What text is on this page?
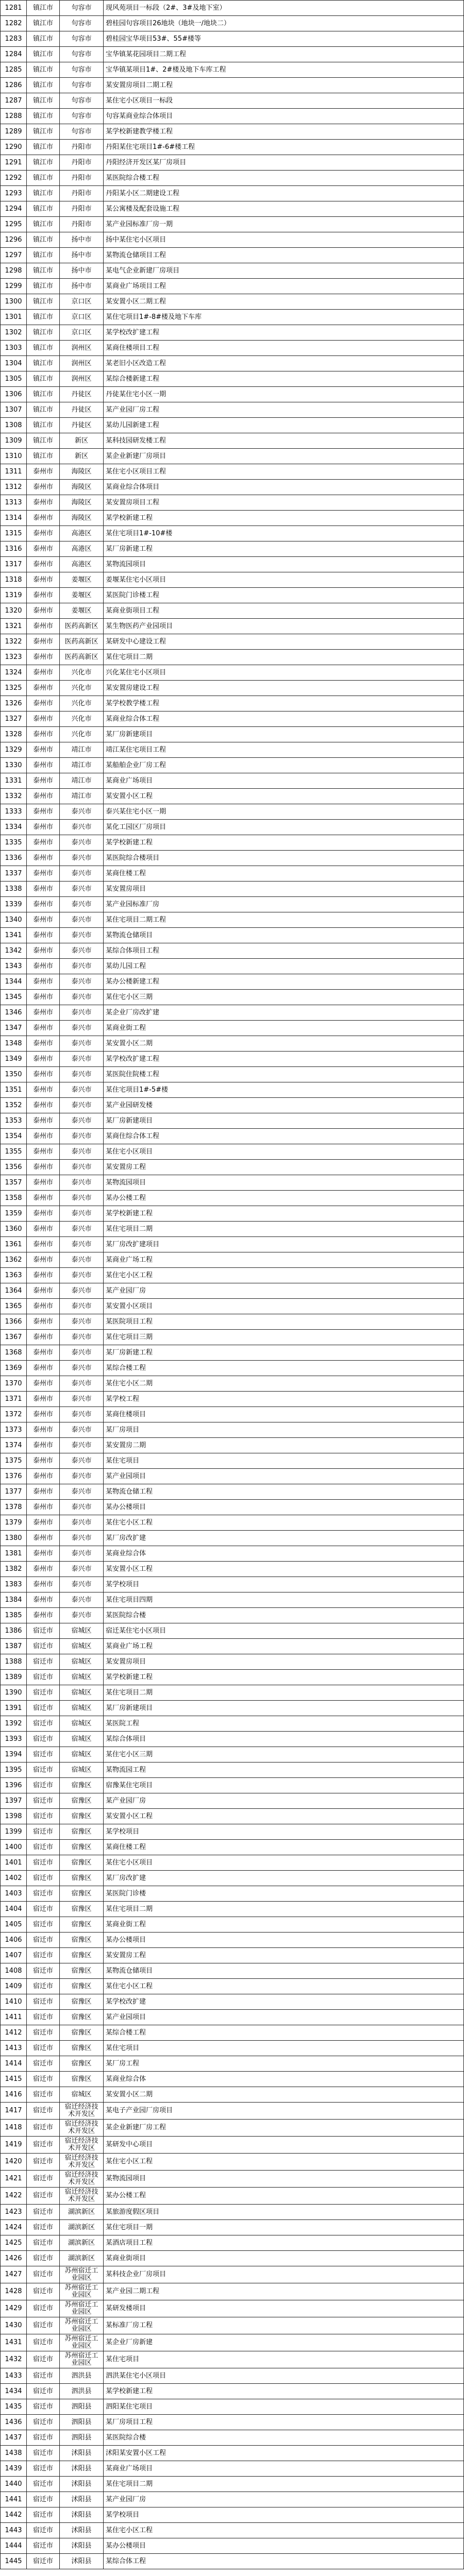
1281	镇江市	句容市	现风苑项目一标段（2#、3#及地下室）
1282	镇江市	句容市	碧桂园句容项目26地块（地块一/地块二）
1283	镇江市	句容市	碧桂园宝华项目53#、55#楼等
1284	镇江市	句容市	宝华镇某花园项目二期工程
1285	镇江市	句容市	宝华镇某项目1#、2#楼及地下车库工程
1286	镇江市	句容市	某安置房项目二期工程
1287	镇江市	句容市	某住宅小区项目一标段
1288	镇江市	句容市	句容某商业综合体项目
1289	镇江市	句容市	某学校新建教学楼工程
1290	镇江市	丹阳市	丹阳某住宅项目1#-6#楼工程
1291	镇江市	丹阳市	丹阳经济开发区某厂房项目
1292	镇江市	丹阳市	某医院综合楼工程
1293	镇江市	丹阳市	丹阳某小区二期建设工程
1294	镇江市	丹阳市	某公寓楼及配套设施工程
1295	镇江市	丹阳市	某产业园标准厂房一期
1296	镇江市	扬中市	扬中某住宅小区项目
1297	镇江市	扬中市	某物流仓储项目工程
1298	镇江市	扬中市	某电气企业新建厂房项目
1299	镇江市	扬中市	某商业广场项目工程
1300	镇江市	京口区	某安置小区二期工程
1301	镇江市	京口区	某住宅项目1#-8#楼及地下车库
1302	镇江市	京口区	某学校改扩建工程
1303	镇江市	润州区	某商住楼项目工程
1304	镇江市	润州区	某老旧小区改造工程
1305	镇江市	润州区	某综合楼新建工程
1306	镇江市	丹徒区	丹徒某住宅小区一期
1307	镇江市	丹徒区	某产业园厂房工程
1308	镇江市	丹徒区	某幼儿园新建工程
1309	镇江市	新区	某科技园研发楼工程
1310	镇江市	新区	某企业新建厂房项目
1311	泰州市	海陵区	某住宅小区项目工程
1312	泰州市	海陵区	某商业综合体项目
1313	泰州市	海陵区	某安置房项目工程
1314	泰州市	海陵区	某学校新建工程
1315	泰州市	高港区	某住宅项目1#-10#楼
1316	泰州市	高港区	某厂房新建工程
1317	泰州市	高港区	某物流园项目
1318	泰州市	姜堰区	姜堰某住宅小区项目
1319	泰州市	姜堰区	某医院门诊楼工程
1320	泰州市	姜堰区	某商业街项目工程
1321	泰州市	医药高新区	某生物医药产业园项目
1322	泰州市	医药高新区	某研发中心建设工程
1323	泰州市	医药高新区	某住宅项目二期
1324	泰州市	兴化市	兴化某住宅小区项目
1325	泰州市	兴化市	某安置房建设工程
1326	泰州市	兴化市	某学校教学楼工程
1327	泰州市	兴化市	某商业综合体工程
1328	泰州市	兴化市	某厂房新建项目
1329	泰州市	靖江市	靖江某住宅项目工程
1330	泰州市	靖江市	某船舶企业厂房工程
1331	泰州市	靖江市	某商业广场项目
1332	泰州市	靖江市	某安置小区工程
1333	泰州市	泰兴市	泰兴某住宅小区一期
1334	泰州市	泰兴市	某化工园区厂房项目
1335	泰州市	泰兴市	某学校新建工程
1336	泰州市	泰兴市	某医院综合楼项目
1337	泰州市	泰兴市	某商住楼工程
1338	泰州市	泰兴市	某安置房项目
1339	泰州市	泰兴市	某产业园标准厂房
1340	泰州市	泰兴市	某住宅项目二期工程
1341	泰州市	泰兴市	某物流仓储项目
1342	泰州市	泰兴市	某综合体项目工程
1343	泰州市	泰兴市	某幼儿园工程
1344	泰州市	泰兴市	某办公楼新建工程
1345	泰州市	泰兴市	某住宅小区三期
1346	泰州市	泰兴市	某企业厂房改扩建
1347	泰州市	泰兴市	某商业街工程
1348	泰州市	泰兴市	某安置小区二期
1349	泰州市	泰兴市	某学校改扩建工程
1350	泰州市	泰兴市	某医院住院楼工程
1351	泰州市	泰兴市	某住宅项目1#-5#楼
1352	泰州市	泰兴市	某产业园研发楼
1353	泰州市	泰兴市	某厂房新建项目
1354	泰州市	泰兴市	某商住综合体工程
1355	泰州市	泰兴市	某住宅小区项目
1356	泰州市	泰兴市	某安置房工程
1357	泰州市	泰兴市	某物流园项目
1358	泰州市	泰兴市	某办公楼工程
1359	泰州市	泰兴市	某学校新建工程
1360	泰州市	泰兴市	某住宅项目二期
1361	泰州市	泰兴市	某厂房改扩建项目
1362	泰州市	泰兴市	某商业广场工程
1363	泰州市	泰兴市	某住宅小区工程
1364	泰州市	泰兴市	某产业园厂房
1365	泰州市	泰兴市	某安置小区项目
1366	泰州市	泰兴市	某医院项目工程
1367	泰州市	泰兴市	某住宅项目三期
1368	泰州市	泰兴市	某厂房新建工程
1369	泰州市	泰兴市	某综合楼工程
1370	泰州市	泰兴市	某住宅小区二期
1371	泰州市	泰兴市	某学校工程
1372	泰州市	泰兴市	某商住楼项目
1373	泰州市	泰兴市	某厂房项目
1374	泰州市	泰兴市	某安置房二期
1375	泰州市	泰兴市	某住宅项目
1376	泰州市	泰兴市	某产业园项目
1377	泰州市	泰兴市	某物流仓储工程
1378	泰州市	泰兴市	某办公楼项目
1379	泰州市	泰兴市	某住宅小区工程
1380	泰州市	泰兴市	某厂房改扩建
1381	泰州市	泰兴市	某商业综合体
1382	泰州市	泰兴市	某安置小区工程
1383	泰州市	泰兴市	某学校项目
1384	泰州市	泰兴市	某住宅项目四期
1385	泰州市	泰兴市	某医院综合楼
1386	宿迁市	宿城区	宿迁某住宅小区项目
1387	宿迁市	宿城区	某商业广场工程
1388	宿迁市	宿城区	某安置房项目
1389	宿迁市	宿城区	某学校新建工程
1390	宿迁市	宿城区	某住宅项目二期
1391	宿迁市	宿城区	某厂房新建项目
1392	宿迁市	宿城区	某医院工程
1393	宿迁市	宿城区	某综合体项目
1394	宿迁市	宿城区	某住宅小区三期
1395	宿迁市	宿城区	某物流园工程
1396	宿迁市	宿豫区	宿豫某住宅项目
1397	宿迁市	宿豫区	某产业园厂房
1398	宿迁市	宿豫区	某安置小区工程
1399	宿迁市	宿豫区	某学校项目
1400	宿迁市	宿豫区	某商住楼工程
1401	宿迁市	宿豫区	某住宅小区项目
1402	宿迁市	宿豫区	某厂房改扩建
1403	宿迁市	宿豫区	某医院门诊楼
1404	宿迁市	宿豫区	某住宅项目二期
1405	宿迁市	宿豫区	某商业街工程
1406	宿迁市	宿豫区	某办公楼项目
1407	宿迁市	宿豫区	某安置房工程
1408	宿迁市	宿豫区	某物流仓储项目
1409	宿迁市	宿豫区	某住宅小区工程
1410	宿迁市	宿豫区	某学校改扩建
1411	宿迁市	宿豫区	某产业园项目
1412	宿迁市	宿豫区	某综合楼工程
1413	宿迁市	宿豫区	某住宅项目
1414	宿迁市	宿豫区	某厂房工程
1415	宿迁市	宿豫区	某商业综合体
1416	宿迁市	宿城区	某安置小区二期
1417	宿迁市	宿迁经济技术开发区	某电子产业园厂房项目
1418	宿迁市	宿迁经济技术开发区	某企业新建厂房工程
1419	宿迁市	宿迁经济技术开发区	某研发中心项目
1420	宿迁市	宿迁经济技术开发区	某住宅小区工程
1421	宿迁市	宿迁经济技术开发区	某物流园项目
1422	宿迁市	宿迁经济技术开发区	某办公楼工程
1423	宿迁市	湖滨新区	某旅游度假区项目
1424	宿迁市	湖滨新区	某住宅项目一期
1425	宿迁市	湖滨新区	某酒店项目工程
1426	宿迁市	湖滨新区	某商业街项目
1427	宿迁市	苏州宿迁工业园区	某科技企业厂房项目
1428	宿迁市	苏州宿迁工业园区	某产业园二期工程
1429	宿迁市	苏州宿迁工业园区	某研发楼项目
1430	宿迁市	苏州宿迁工业园区	某标准厂房工程
1431	宿迁市	苏州宿迁工业园区	某企业厂房新建
1432	宿迁市	苏州宿迁工业园区	某住宅项目
1433	宿迁市	泗洪县	泗洪某住宅小区项目
1434	宿迁市	泗洪县	某学校新建工程
1435	宿迁市	泗阳县	泗阳某住宅项目
1436	宿迁市	泗阳县	某厂房项目工程
1437	宿迁市	泗阳县	某医院综合楼
1438	宿迁市	沭阳县	沭阳某安置小区工程
1439	宿迁市	沭阳县	某商业广场项目
1440	宿迁市	沭阳县	某住宅项目二期
1441	宿迁市	沭阳县	某产业园厂房
1442	宿迁市	沭阳县	某学校项目
1443	宿迁市	沭阳县	某住宅小区工程
1444	宿迁市	沭阳县	某办公楼项目
1445	宿迁市	沭阳县	某综合体工程
